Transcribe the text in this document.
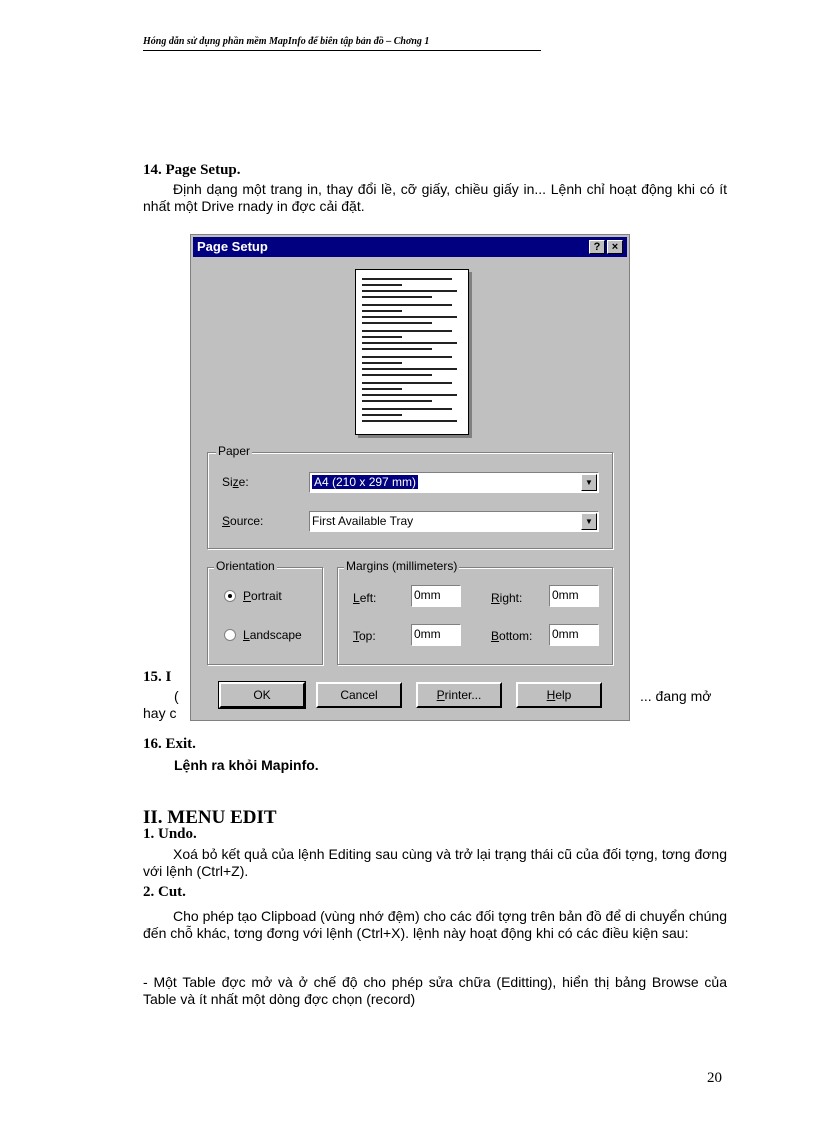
Hóng dẫn sử dụng phần mềm MapInfo để biên tập bản đồ – Chơng 1
14. Page Setup.
Định dạng một trang in, thay đổi lề, cỡ giấy, chiều giấy in... Lệnh chỉ hoạt động khi có ít nhất một Drive rnady in đợc cải đặt.
15. I
(	... đang mở
hay c
16. Exit.
Lệnh ra khỏi Mapinfo.
II. MENU EDIT
1. Undo.
Xoá bỏ kết quả của lệnh Editing sau cùng và trở lại trạng thái cũ của đối tợng, tơng đơng với lệnh (Ctrl+Z).
2. Cut.
Cho phép tạo Clipboad (vùng nhớ đệm) cho các đối tợng trên bản đồ để di chuyển chúng đến chỗ khác, tơng đơng với lệnh (Ctrl+X). lệnh này hoạt động khi có các điều kiện sau:
- Một Table đợc mở và ở chế độ cho phép sửa chữa (Editting), hiển thị bảng Browse của Table và ít nhất một dòng đợc chọn (record)
20
Page Setup	?	×
Paper
Size:	A4 (210 x 297 mm)	▼
Source:	First Available Tray	▼
Orientation
Portrait
Landscape
Margins (millimeters)
Left:	0mm	Right: 0mm
Top:	0mm	Bottom: 0mm
OK	Cancel	Printer...	Help
